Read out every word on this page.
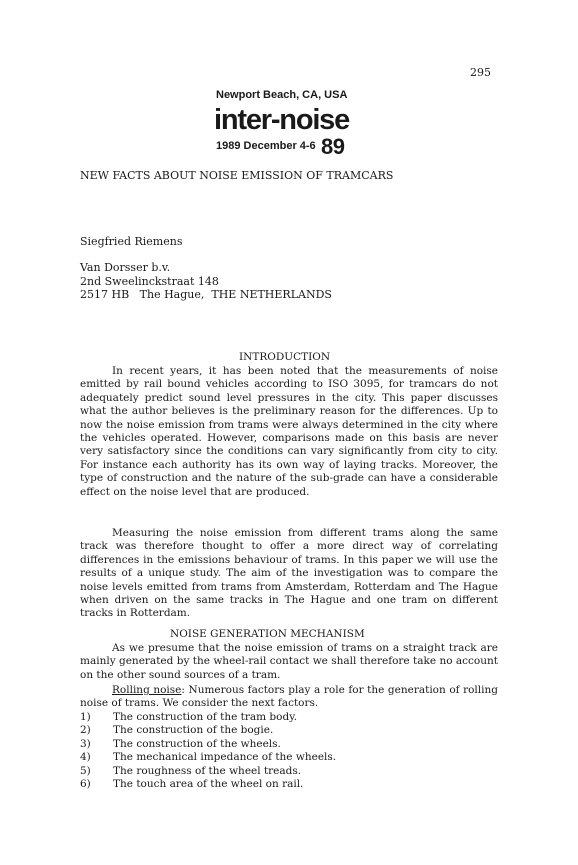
295
Newport Beach, CA, USA
inter-noise
1989 December 4-6 89
NEW FACTS ABOUT NOISE EMISSION OF TRAMCARS
Siegfried Riemens
Van Dorsser b.v.
2nd Sweelinckstraat 148
2517 HB   The Hague,  THE NETHERLANDS
INTRODUCTION

In recent years, it has been noted that the measurements of noise emitted by rail bound vehicles according to ISO 3095, for tramcars do not adequately predict sound level pressures in the city. This paper discusses what the author believes is the preliminary reason for the differences. Up to now the noise emission from trams were always determined in the city where the vehicles operated. However, comparisons made on this basis are never very satisfactory since the conditions can vary significantly from city to city. For instance each authority has its own way of laying tracks. Moreover, the type of construction and the nature of the sub-grade can have a considerable effect on the noise level that are produced.

Measuring the noise emission from different trams along the same track was therefore thought to offer a more direct way of correlating differences in the emissions behaviour of trams. In this paper we will use the results of a unique study. The aim of the investigation was to compare the noise levels emitted from trams from Amsterdam, Rotterdam and The Hague when driven on the same tracks in The Hague and one tram on different tracks in Rotterdam.

NOISE GENERATION MECHANISM

As we presume that the noise emission of trams on a straight track are mainly generated by the wheel-rail contact we shall therefore take no account on the other sound sources of a tram.

Rolling noise: Numerous factors play a role for the generation of rolling noise of trams. We consider the next factors.

1) The construction of the tram body.
2) The construction of the bogie.
3) The construction of the wheels.
4) The mechanical impedance of the wheels.
5) The roughness of the wheel treads.
6) The touch area of the wheel on rail.
